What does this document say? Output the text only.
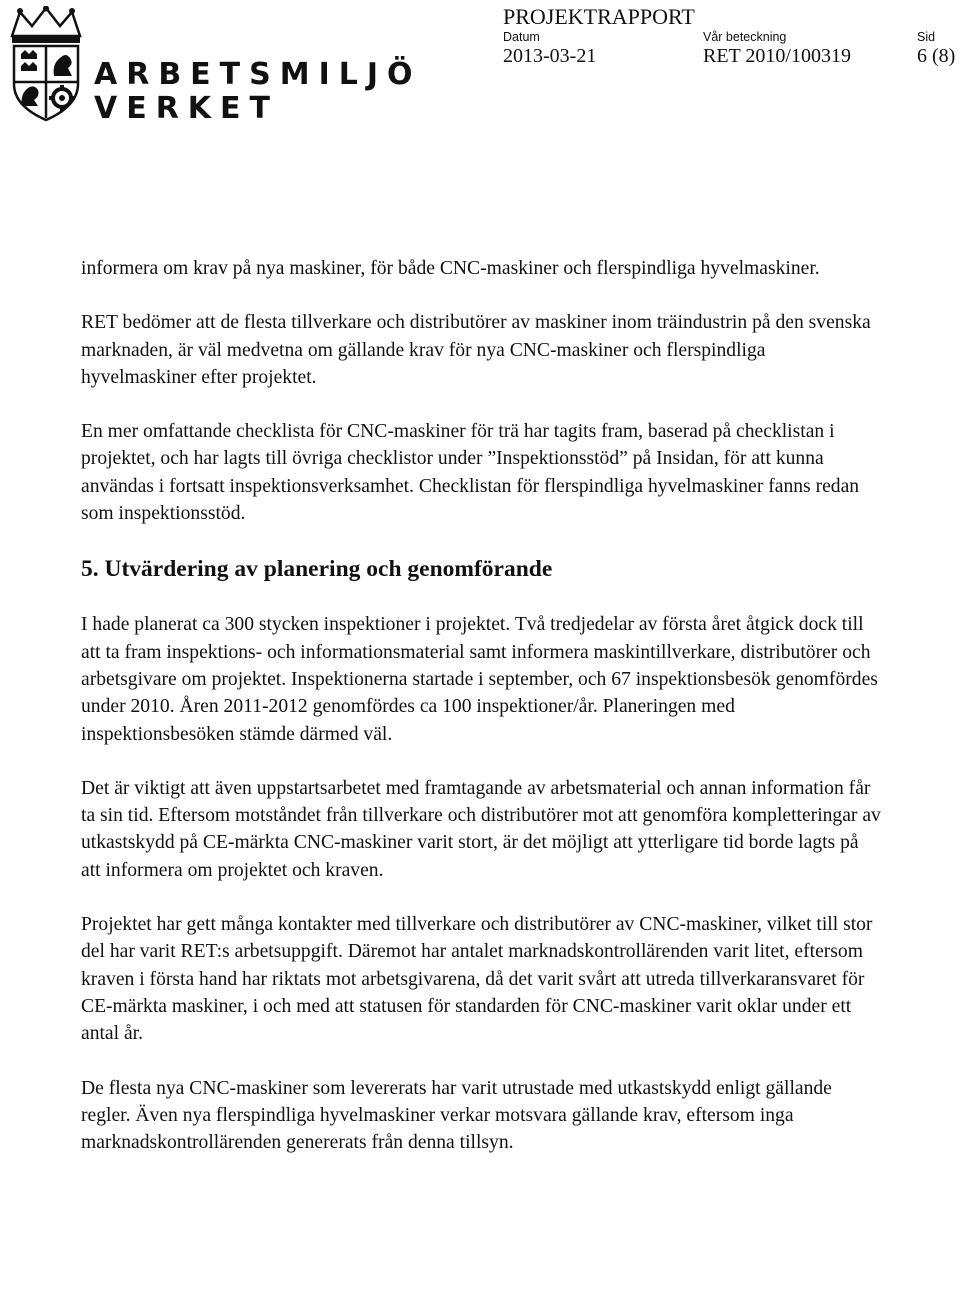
ARBETSMILJÖ
VERKET
PROJEKTRAPPORT
Datum	Vår beteckning	Sid
2013-03-21	RET 2010/100319	6 (8)

informera om krav på nya maskiner, för både CNC-maskiner och flerspindliga hyvelmaskiner.

RET bedömer att de flesta tillverkare och distributörer av maskiner inom träindustrin på den svenska marknaden, är väl medvetna om gällande krav för nya CNC-maskiner och flerspindliga hyvelmaskiner efter projektet.

En mer omfattande checklista för CNC-maskiner för trä har tagits fram, baserad på checklistan i projektet, och har lagts till övriga checklistor under ”Inspektionsstöd” på Insidan, för att kunna användas i fortsatt inspektionsverksamhet. Checklistan för flerspindliga hyvelmaskiner fanns redan som inspektionsstöd.

5. Utvärdering av planering och genomförande

I hade planerat ca 300 stycken inspektioner i projektet. Två tredjedelar av första året åtgick dock till att ta fram inspektions- och informationsmaterial samt informera maskintillverkare, distributörer och arbetsgivare om projektet. Inspektionerna startade i september, och 67 inspektionsbesök genomfördes under 2010. Åren 2011-2012 genomfördes ca 100 inspektioner/år. Planeringen med inspektionsbesöken stämde därmed väl.

Det är viktigt att även uppstartsarbetet med framtagande av arbetsmaterial och annan information får ta sin tid. Eftersom motståndet från tillverkare och distributörer mot att genomföra kompletteringar av utkastskydd på CE-märkta CNC-maskiner varit stort, är det möjligt att ytterligare tid borde lagts på att informera om projektet och kraven.

Projektet har gett många kontakter med tillverkare och distributörer av CNC-maskiner, vilket till stor del har varit RET:s arbetsuppgift. Däremot har antalet marknadskontrollärenden varit litet, eftersom kraven i första hand har riktats mot arbetsgivarena, då det varit svårt att utreda tillverkaransvaret för CE-märkta maskiner, i och med att statusen för standarden för CNC-maskiner varit oklar under ett antal år.

De flesta nya CNC-maskiner som levererats har varit utrustade med utkastskydd enligt gällande regler. Även nya flerspindliga hyvelmaskiner verkar motsvara gällande krav, eftersom inga marknadskontrollärenden genererats från denna tillsyn.
